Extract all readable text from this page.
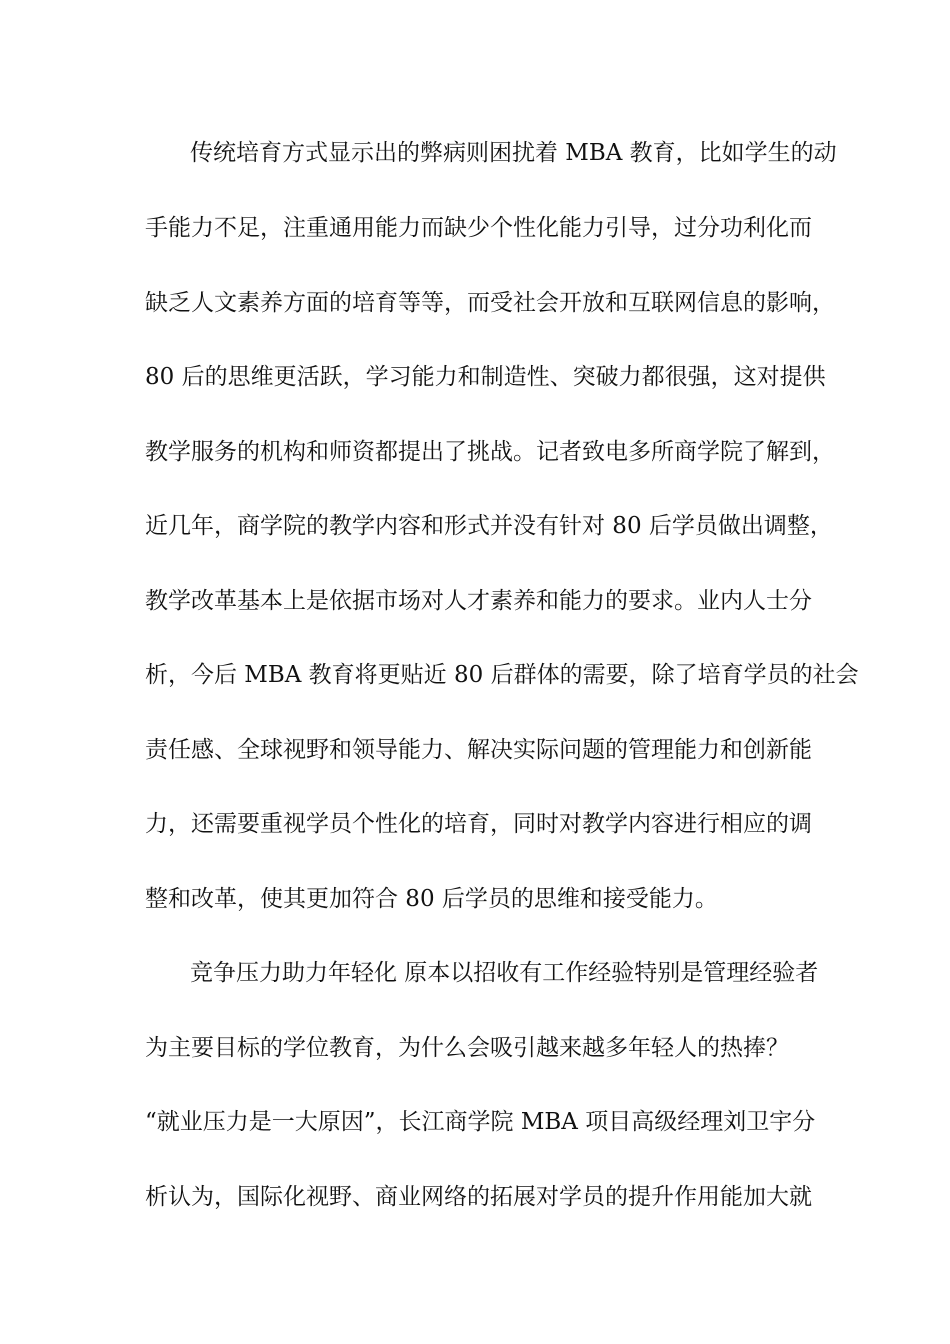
传统培育方式显示出的弊病则困扰着 MBA 教育，比如学生的动
手能力不足，注重通用能力而缺少个性化能力引导，过分功利化而
缺乏人文素养方面的培育等等，而受社会开放和互联网信息的影响，
80 后的思维更活跃，学习能力和制造性、突破力都很强，这对提供
教学服务的机构和师资都提出了挑战。记者致电多所商学院了解到，
近几年，商学院的教学内容和形式并没有针对 80 后学员做出调整，
教学改革基本上是依据市场对人才素养和能力的要求。业内人士分
析，今后 MBA 教育将更贴近 80 后群体的需要，除了培育学员的社会
责任感、全球视野和领导能力、解决实际问题的管理能力和创新能
力，还需要重视学员个性化的培育，同时对教学内容进行相应的调
整和改革，使其更加符合 80 后学员的思维和接受能力。
竞争压力助力年轻化 原本以招收有工作经验特别是管理经验者
为主要目标的学位教育，为什么会吸引越来越多年轻人的热捧？
“就业压力是一大原因”，长江商学院 MBA 项目高级经理刘卫宇分
析认为，国际化视野、商业网络的拓展对学员的提升作用能加大就
